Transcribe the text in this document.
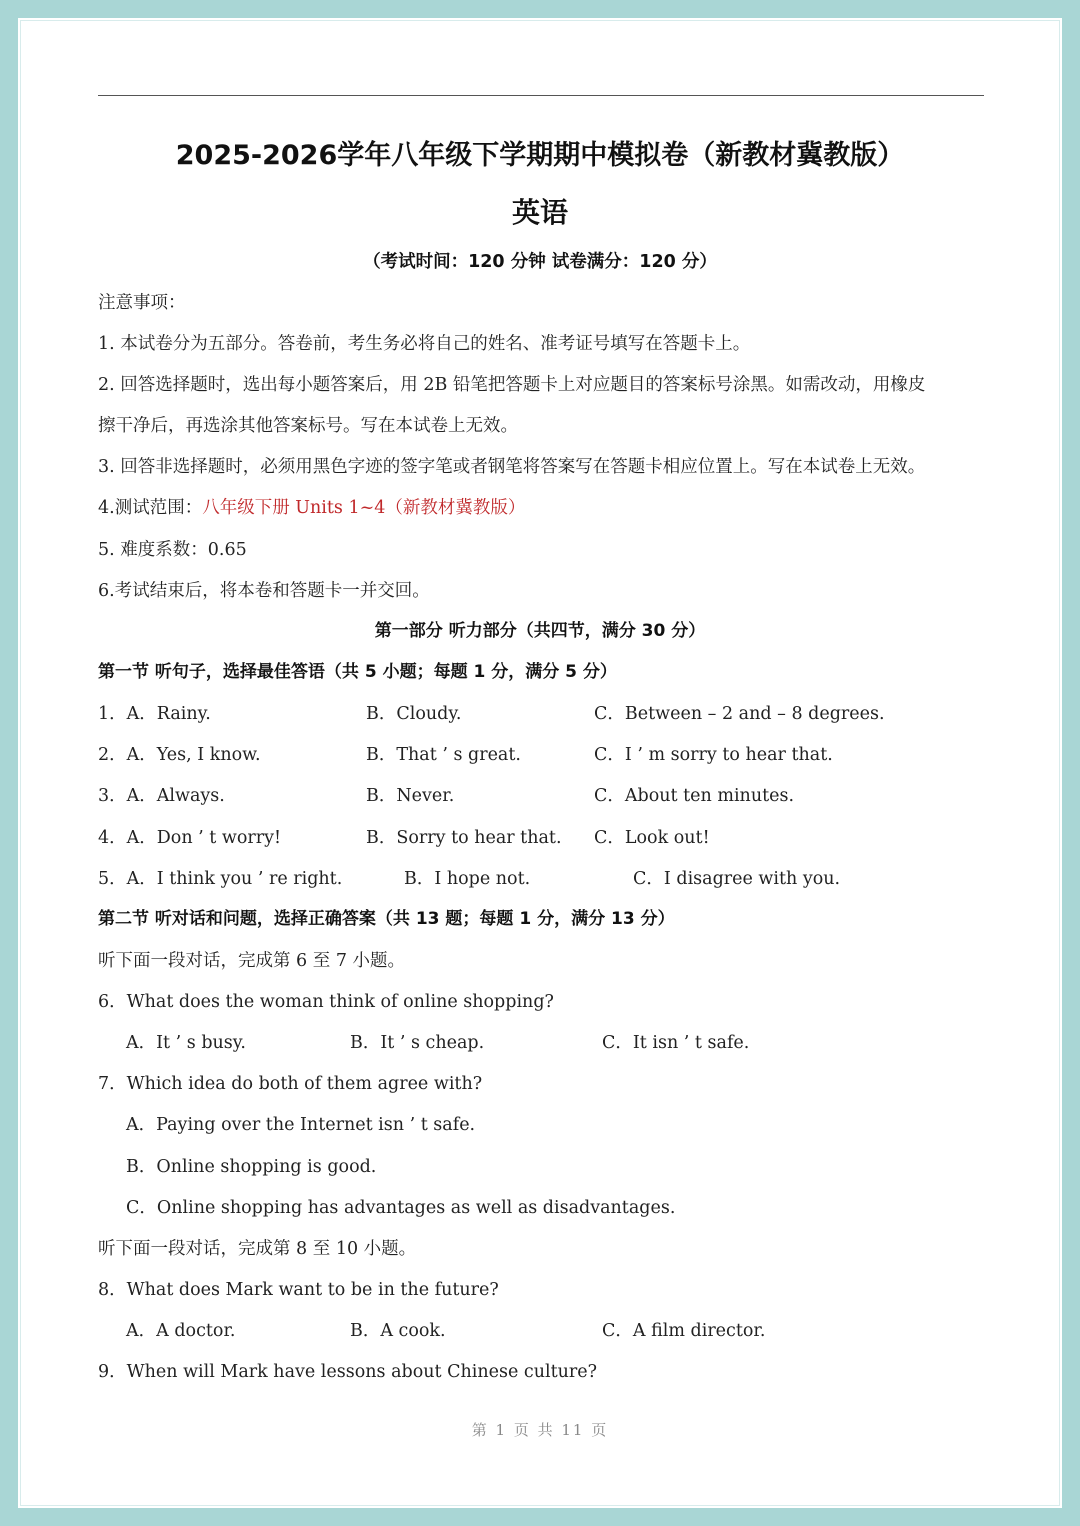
2025-2026学年八年级下学期期中模拟卷（新教材冀教版）
英语
（考试时间：120 分钟 试卷满分：120 分）
注意事项：
1. 本试卷分为五部分。答卷前，考生务必将自己的姓名、准考证号填写在答题卡上。
2. 回答选择题时，选出每小题答案后，用 2B 铅笔把答题卡上对应题目的答案标号涂黑。如需改动，用橡皮
擦干净后，再选涂其他答案标号。写在本试卷上无效。
3. 回答非选择题时，必须用黑色字迹的签字笔或者钢笔将答案写在答题卡相应位置上。写在本试卷上无效。
4.测试范围：八年级下册 Units 1~4（新教材冀教版）
5. 难度系数：0.65
6.考试结束后，将本卷和答题卡一并交回。
第一部分 听力部分（共四节，满分 30 分）
第一节 听句子，选择最佳答语（共 5 小题；每题 1 分，满分 5 分）
1．A．Rainy.	B．Cloudy.	C．Between – 2 and – 8 degrees.
2．A．Yes, I know.	B．That ’ s great.	C．I ’ m sorry to hear that.
3．A．Always.	B．Never.	C．About ten minutes.
4．A．Don ’ t worry!	B．Sorry to hear that. C．Look out!
5．A．I think you ’ re right.	B．I hope not.	C．I disagree with you.
第二节 听对话和问题，选择正确答案（共 13 题；每题 1 分，满分 13 分）
听下面一段对话，完成第 6 至 7 小题。
6．What does the woman think of online shopping?
A．It ’ s busy.	B．It ’ s cheap.	C．It isn ’ t safe.
7．Which idea do both of them agree with?
A．Paying over the Internet isn ’ t safe.
B．Online shopping is good.
C．Online shopping has advantages as well as disadvantages.
听下面一段对话，完成第 8 至 10 小题。
8．What does Mark want to be in the future?
A．A doctor.	B．A cook.	C．A film director.
9．When will Mark have lessons about Chinese culture?
第 1 页 共 11 页
